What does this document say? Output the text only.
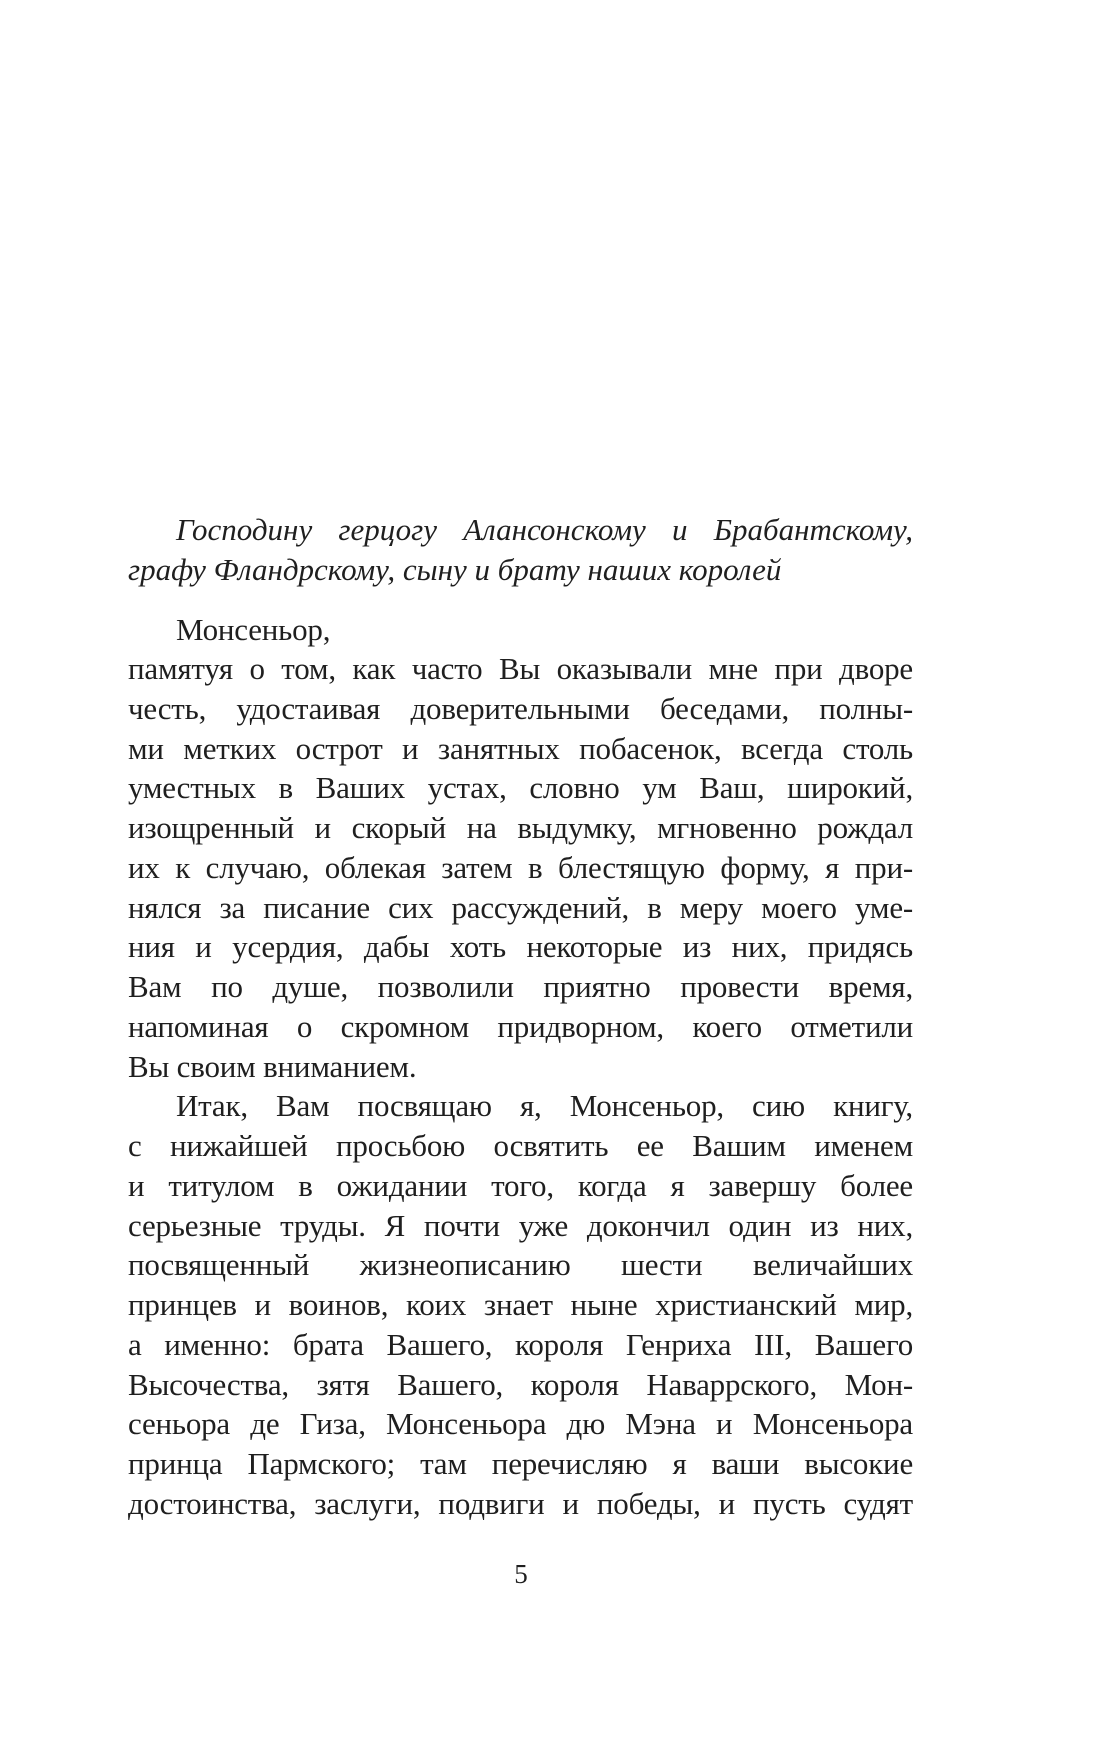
Господину герцогу Алансонскому и Брабантскому,
графу Фландрскому, сыну и брату наших королей
Монсеньор,
памятуя о том, как часто Вы оказывали мне при дворе
честь, удостаивая доверительными беседами, полны-
ми метких острот и занятных побасенок, всегда столь
уместных в Ваших устах, словно ум Ваш, широкий,
изощренный и скорый на выдумку, мгновенно рождал
их к случаю, облекая затем в блестящую форму, я при-
нялся за писание сих рассуждений, в меру моего уме-
ния и усердия, дабы хоть некоторые из них, придясь
Вам по душе, позволили приятно провести время,
напоминая о скромном придворном, коего отметили
Вы своим вниманием.
Итак, Вам посвящаю я, Монсеньор, сию книгу,
с нижайшей просьбою освятить ее Вашим именем
и титулом в ожидании того, когда я завершу более
серьезные труды. Я почти уже докончил один из них,
посвященный жизнеописанию шести величайших
принцев и воинов, коих знает ныне христианский мир,
а именно: брата Вашего, короля Генриха III, Вашего
Высочества, зятя Вашего, короля Наваррского, Мон-
сеньора де Гиза, Монсеньора дю Мэна и Монсеньора
принца Пармского; там перечисляю я ваши высокие
достоинства, заслуги, подвиги и победы, и пусть судят
5
